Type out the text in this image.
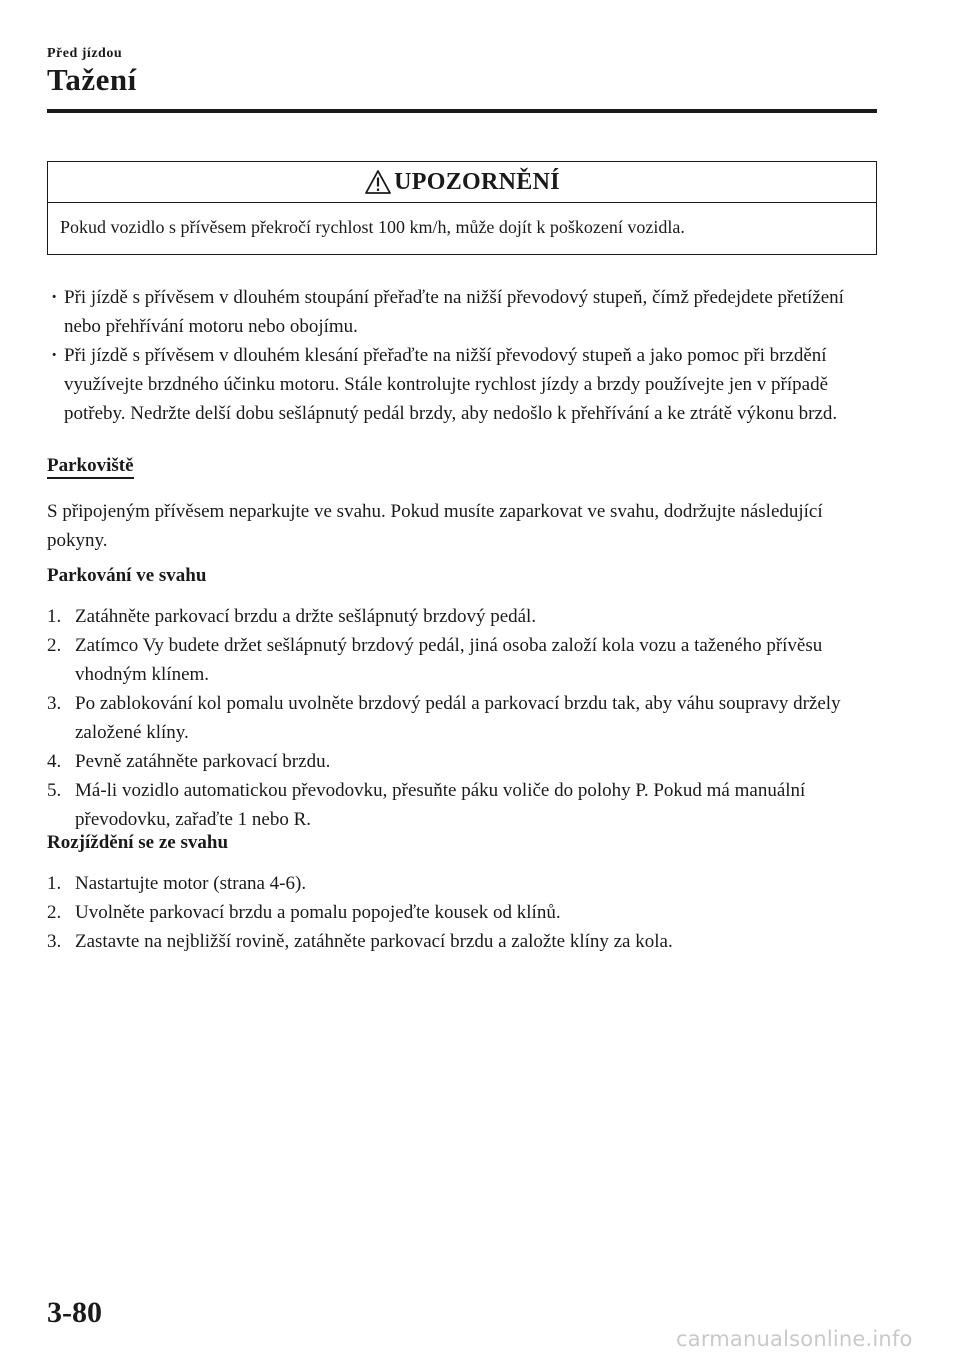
Před jízdou
Tažení
UPOZORNĚNÍ
Pokud vozidlo s přívěsem překročí rychlost 100 km/h, může dojít k poškození vozidla.
· Při jízdě s přívěsem v dlouhém stoupání přeřaďte na nižší převodový stupeň, čímž předejdete přetížení nebo přehřívání motoru nebo obojímu.
· Při jízdě s přívěsem v dlouhém klesání přeřaďte na nižší převodový stupeň a jako pomoc při brzdění využívejte brzdného účinku motoru. Stále kontrolujte rychlost jízdy a brzdy používejte jen v případě potřeby. Nedržte delší dobu sešlápnutý pedál brzdy, aby nedošlo k přehřívání a ke ztrátě výkonu brzd.
Parkoviště
S připojeným přívěsem neparkujte ve svahu. Pokud musíte zaparkovat ve svahu, dodržujte následující pokyny.
Parkování ve svahu
1. Zatáhněte parkovací brzdu a držte sešlápnutý brzdový pedál.
2. Zatímco Vy budete držet sešlápnutý brzdový pedál, jiná osoba založí kola vozu a taženého přívěsu vhodným klínem.
3. Po zablokování kol pomalu uvolněte brzdový pedál a parkovací brzdu tak, aby váhu soupravy držely založené klíny.
4. Pevně zatáhněte parkovací brzdu.
5. Má-li vozidlo automatickou převodovku, přesuňte páku voliče do polohy P. Pokud má manuální převodovku, zařaďte 1 nebo R.
Rozjíždění se ze svahu
1. Nastartujte motor (strana 4-6).
2. Uvolněte parkovací brzdu a pomalu popojeďte kousek od klínů.
3. Zastavte na nejbližší rovině, zatáhněte parkovací brzdu a založte klíny za kola.
3-80
carmanualsonline.info
